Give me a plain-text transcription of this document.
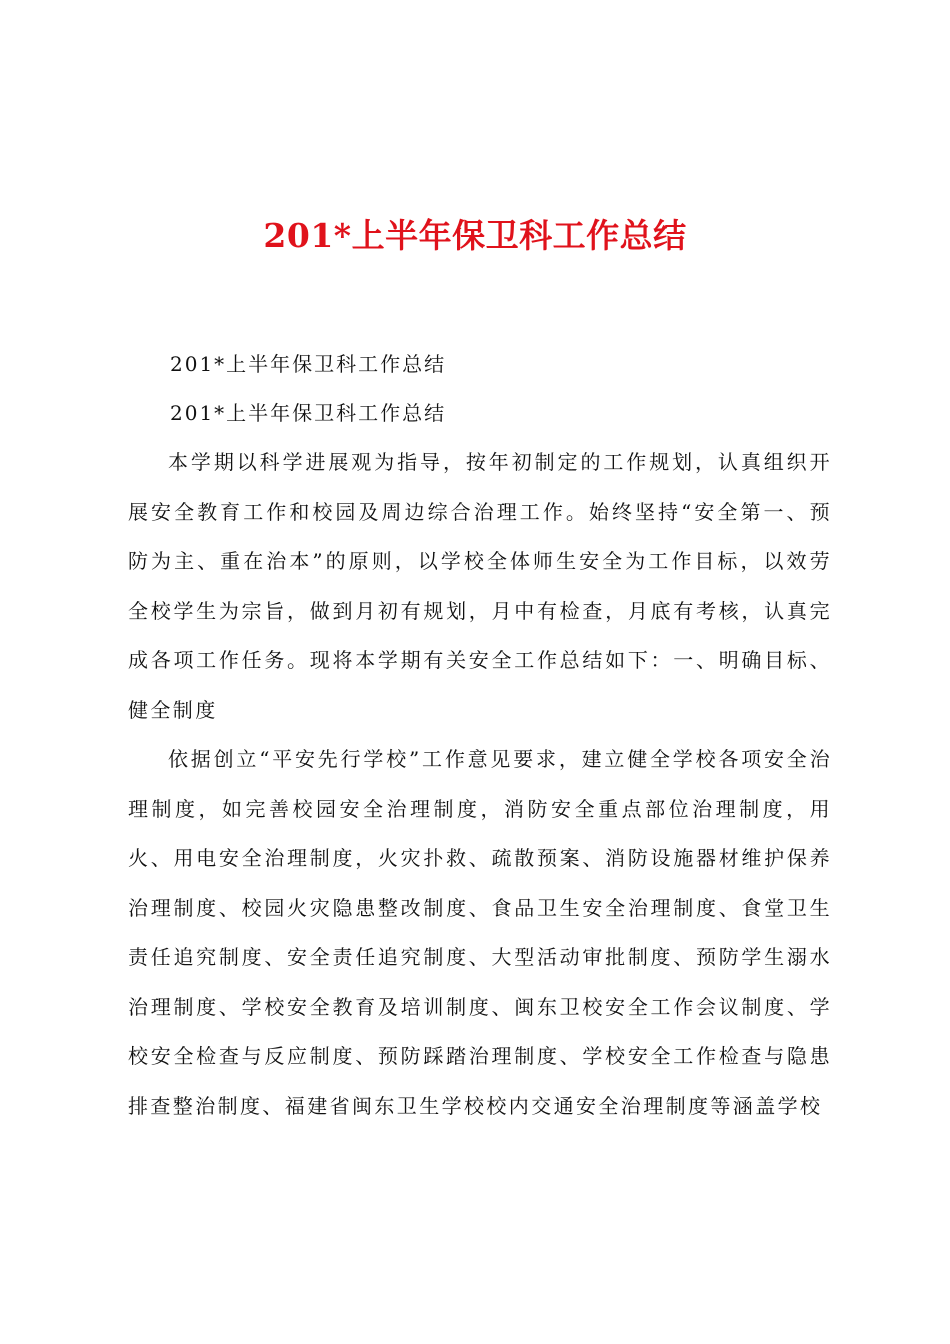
201*上半年保卫科工作总结

201*上半年保卫科工作总结

201*上半年保卫科工作总结

本学期以科学进展观为指导，按年初制定的工作规划，认真组织开展安全教育工作和校园及周边综合治理工作。始终坚持“安全第一、预防为主、重在治本”的原则，以学校全体师生安全为工作目标，以效劳全校学生为宗旨，做到月初有规划，月中有检查，月底有考核，认真完成各项工作任务。现将本学期有关安全工作总结如下：一、明确目标、健全制度

依据创立“平安先行学校”工作意见要求，建立健全学校各项安全治理制度，如完善校园安全治理制度，消防安全重点部位治理制度，用火、用电安全治理制度，火灾扑救、疏散预案、消防设施器材维护保养治理制度、校园火灾隐患整改制度、食品卫生安全治理制度、食堂卫生责任追究制度、安全责任追究制度、大型活动审批制度、预防学生溺水治理制度、学校安全教育及培训制度、闽东卫校安全工作会议制度、学校安全检查与反应制度、预防踩踏治理制度、学校安全工作检查与隐患排查整治制度、福建省闽东卫生学校校内交通安全治理制度等涵盖学校
